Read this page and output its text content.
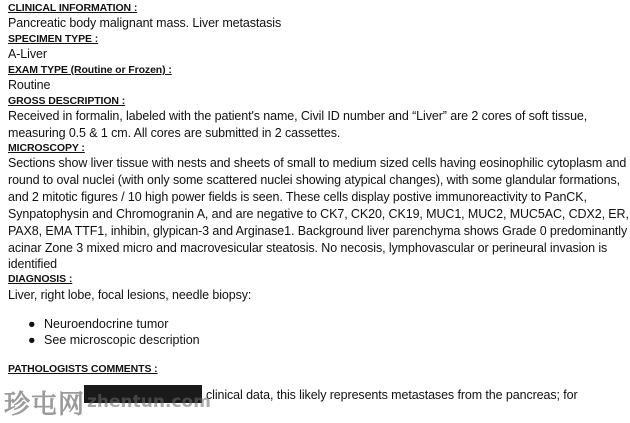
CLINICAL INFORMATION :
Pancreatic body malignant mass. Liver metastasis
SPECIMEN TYPE :
A-Liver
EXAM TYPE (Routine or Frozen) :
Routine
GROSS DESCRIPTION :
Received in formalin, labeled with the patient's name, Civil ID number and “Liver” are 2 cores of soft tissue,
measuring 0.5 & 1 cm. All cores are submitted in 2 cassettes.
MICROSCOPY :
Sections show liver tissue with nests and sheets of small to medium sized cells having eosinophilic cytoplasm and
round to oval nuclei (with only some scattered nuclei showing atypical changes), with some glandular formations,
and 2 mitotic figures / 10 high power fields is seen. These cells display postive immunoreactivity to PanCK,
Synpatophysin and Chromogranin A, and are negative to CK7, CK20, CK19, MUC1, MUC2, MUC5AC, CDX2, ER,
PAX8, EMA TTF1, inhibin, glypican-3 and Arginase1. Background liver parenchyma shows Grade 0 predominantly
acinar Zone 3 mixed micro and macrovesicular steatosis. No necosis, lymphovascular or perineural invasion is
identified
DIAGNOSIS :
Liver, right lobe, focal lesions, needle biopsy:
● Neuroendocrine tumor
● See microscopic description
PATHOLOGISTS COMMENTS :
clinical data, this likely represents metastases from the pancreas; for
珍屯网 zhentun.com
